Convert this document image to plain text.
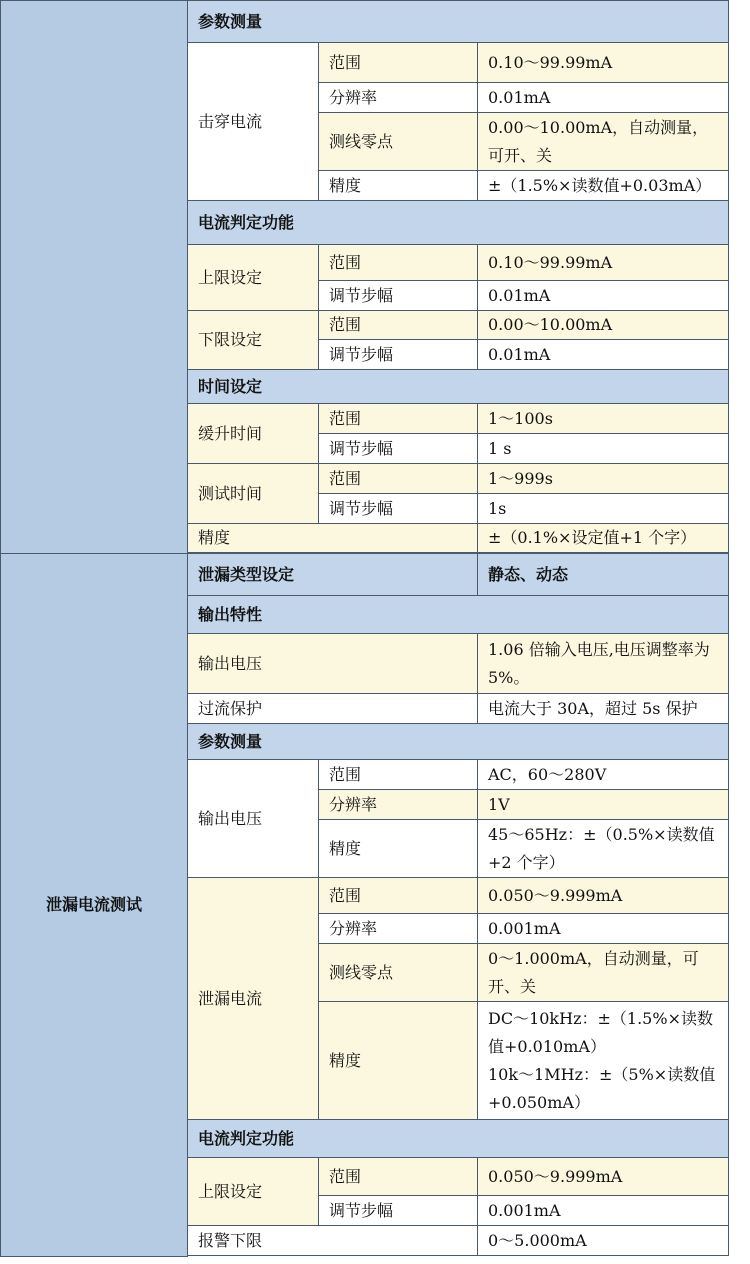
	参数测量		
	击穿电流	范围	0.10～99.99mA
		分辨率	0.01mA
		测线零点	0.00～10.00mA，自动测量，可开、关
		精度	±（1.5%×读数值+0.03mA）
	电流判定功能		
	上限设定	范围	0.10～99.99mA
		调节步幅	0.01mA
	下限设定	范围	0.00～10.00mA
		调节步幅	0.01mA
	时间设定		
	缓升时间	范围	1～100s
		调节步幅	1 s
	测试时间	范围	1～999s
		调节步幅	1s
	精度		±（0.1%×设定值+1 个字）

泄漏电流测试	泄漏类型设定		静态、动态
	输出特性		
	输出电压		1.06 倍输入电压,电压调整率为 5%。
	过流保护		电流大于 30A，超过 5s 保护
	参数测量		
	输出电压	范围	AC，60～280V
		分辨率	1V
		精度	45～65Hz：±（0.5%×读数值+2 个字）
	泄漏电流	范围	0.050～9.999mA
		分辨率	0.001mA
		测线零点	0～1.000mA，自动测量，可开、关
		精度	DC～10kHz：±（1.5%×读数值+0.010mA）
10k～1MHz：±（5%×读数值+0.050mA）

	电流判定功能		
	上限设定	范围	0.050～9.999mA
		调节步幅	0.001mA
	报警下限		0～5.000mA
